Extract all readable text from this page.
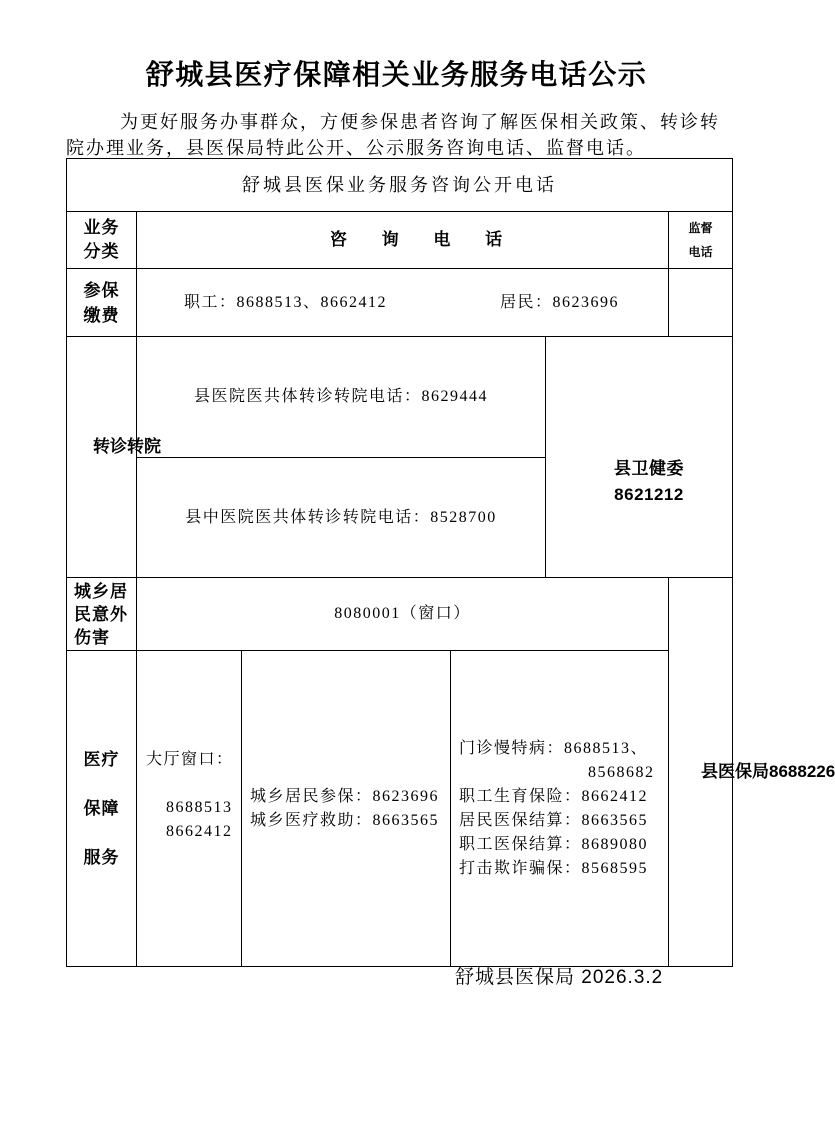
舒城县医疗保障相关业务服务电话公示
为更好服务办事群众，方便参保患者咨询了解医保相关政策、转诊转院办理业务，县医保局特此公开、公示服务咨询电话、监督电话。
舒城县医保业务服务咨询公开电话
业务
分类
咨 询 电 话
监督
电话
参保
缴费
职工：8688513、8662412	居民：8623696
转诊转院
县医院医共体转诊转院电话：8629444
县中医院医共体转诊转院电话：8528700
县卫健委
8621212
城乡居
民意外
伤害
8080001（窗口）
县医保局8688226
医疗
保障
服务
大厅窗口：
8688513
8662412
城乡居民参保：8623696
城乡医疗救助：8663565
门诊慢特病：8688513、
8568682
职工生育保险：8662412
居民医保结算：8663565
职工医保结算：8689080
打击欺诈骗保：8568595
舒城县医保局 2026.3.2
